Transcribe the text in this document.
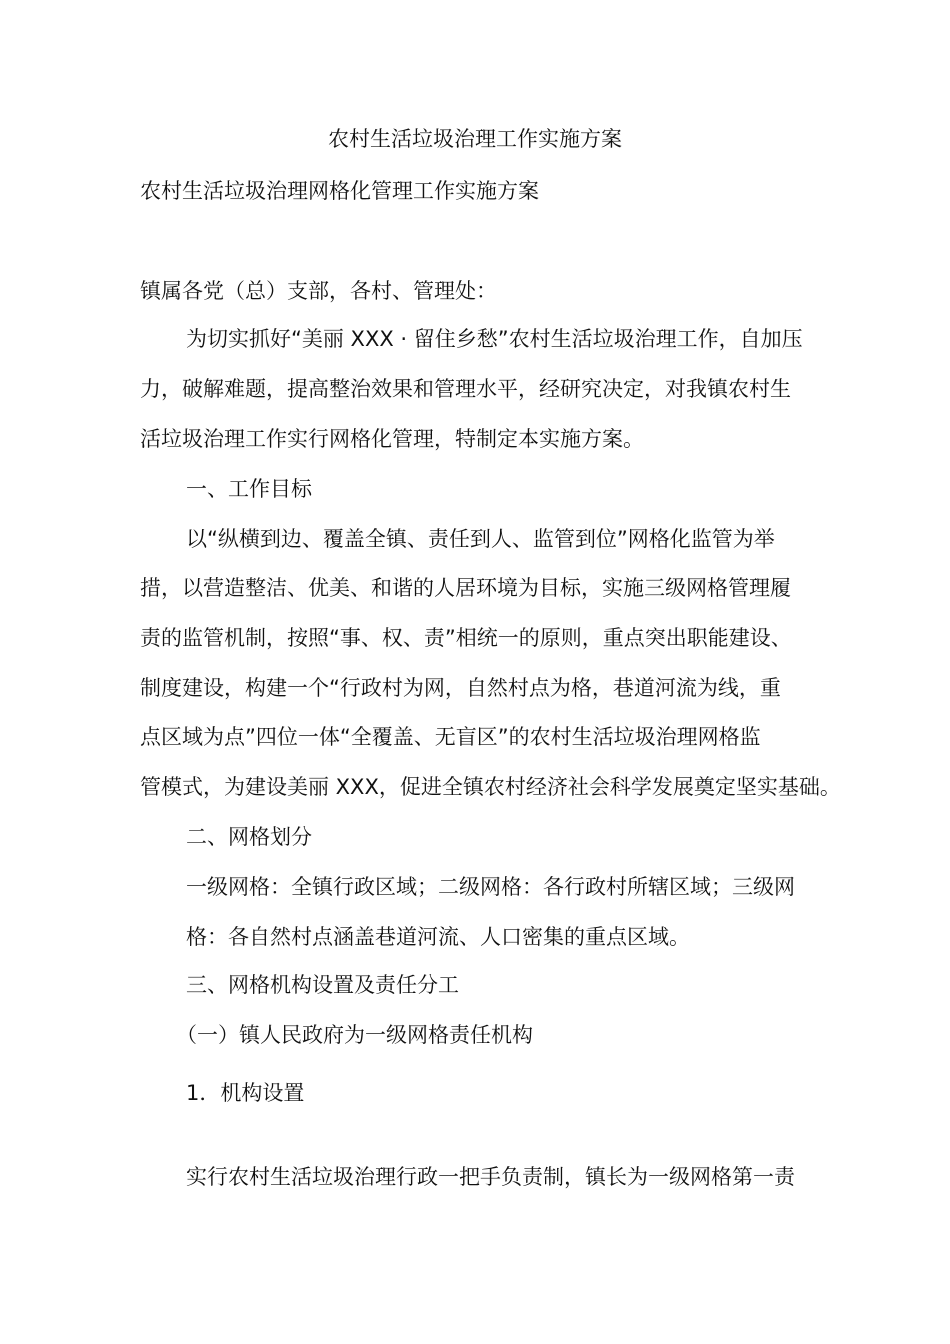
农村生活垃圾治理工作实施方案

农村生活垃圾治理网格化管理工作实施方案

镇属各党（总）支部，各村、管理处：

为切实抓好“美丽 XXX · 留住乡愁”农村生活垃圾治理工作，自加压

力，破解难题，提高整治效果和管理水平，经研究决定，对我镇农村生

活垃圾治理工作实行网格化管理，特制定本实施方案。

一、工作目标

以“纵横到边、覆盖全镇、责任到人、监管到位”网格化监管为举

措，以营造整洁、优美、和谐的人居环境为目标，实施三级网格管理履

责的监管机制，按照“事、权、责”相统一的原则，重点突出职能建设、

制度建设，构建一个“行政村为网，自然村点为格，巷道河流为线，重

点区域为点”四位一体“全覆盖、无盲区”的农村生活垃圾治理网格监

管模式，为建设美丽 XXX，促进全镇农村经济社会科学发展奠定坚实基础。

二、网格划分

一级网格：全镇行政区域；二级网格：各行政村所辖区域；三级网

格：各自然村点涵盖巷道河流、人口密集的重点区域。

三、网格机构设置及责任分工

（一）镇人民政府为一级网格责任机构

1．机构设置

实行农村生活垃圾治理行政一把手负责制，镇长为一级网格第一责
